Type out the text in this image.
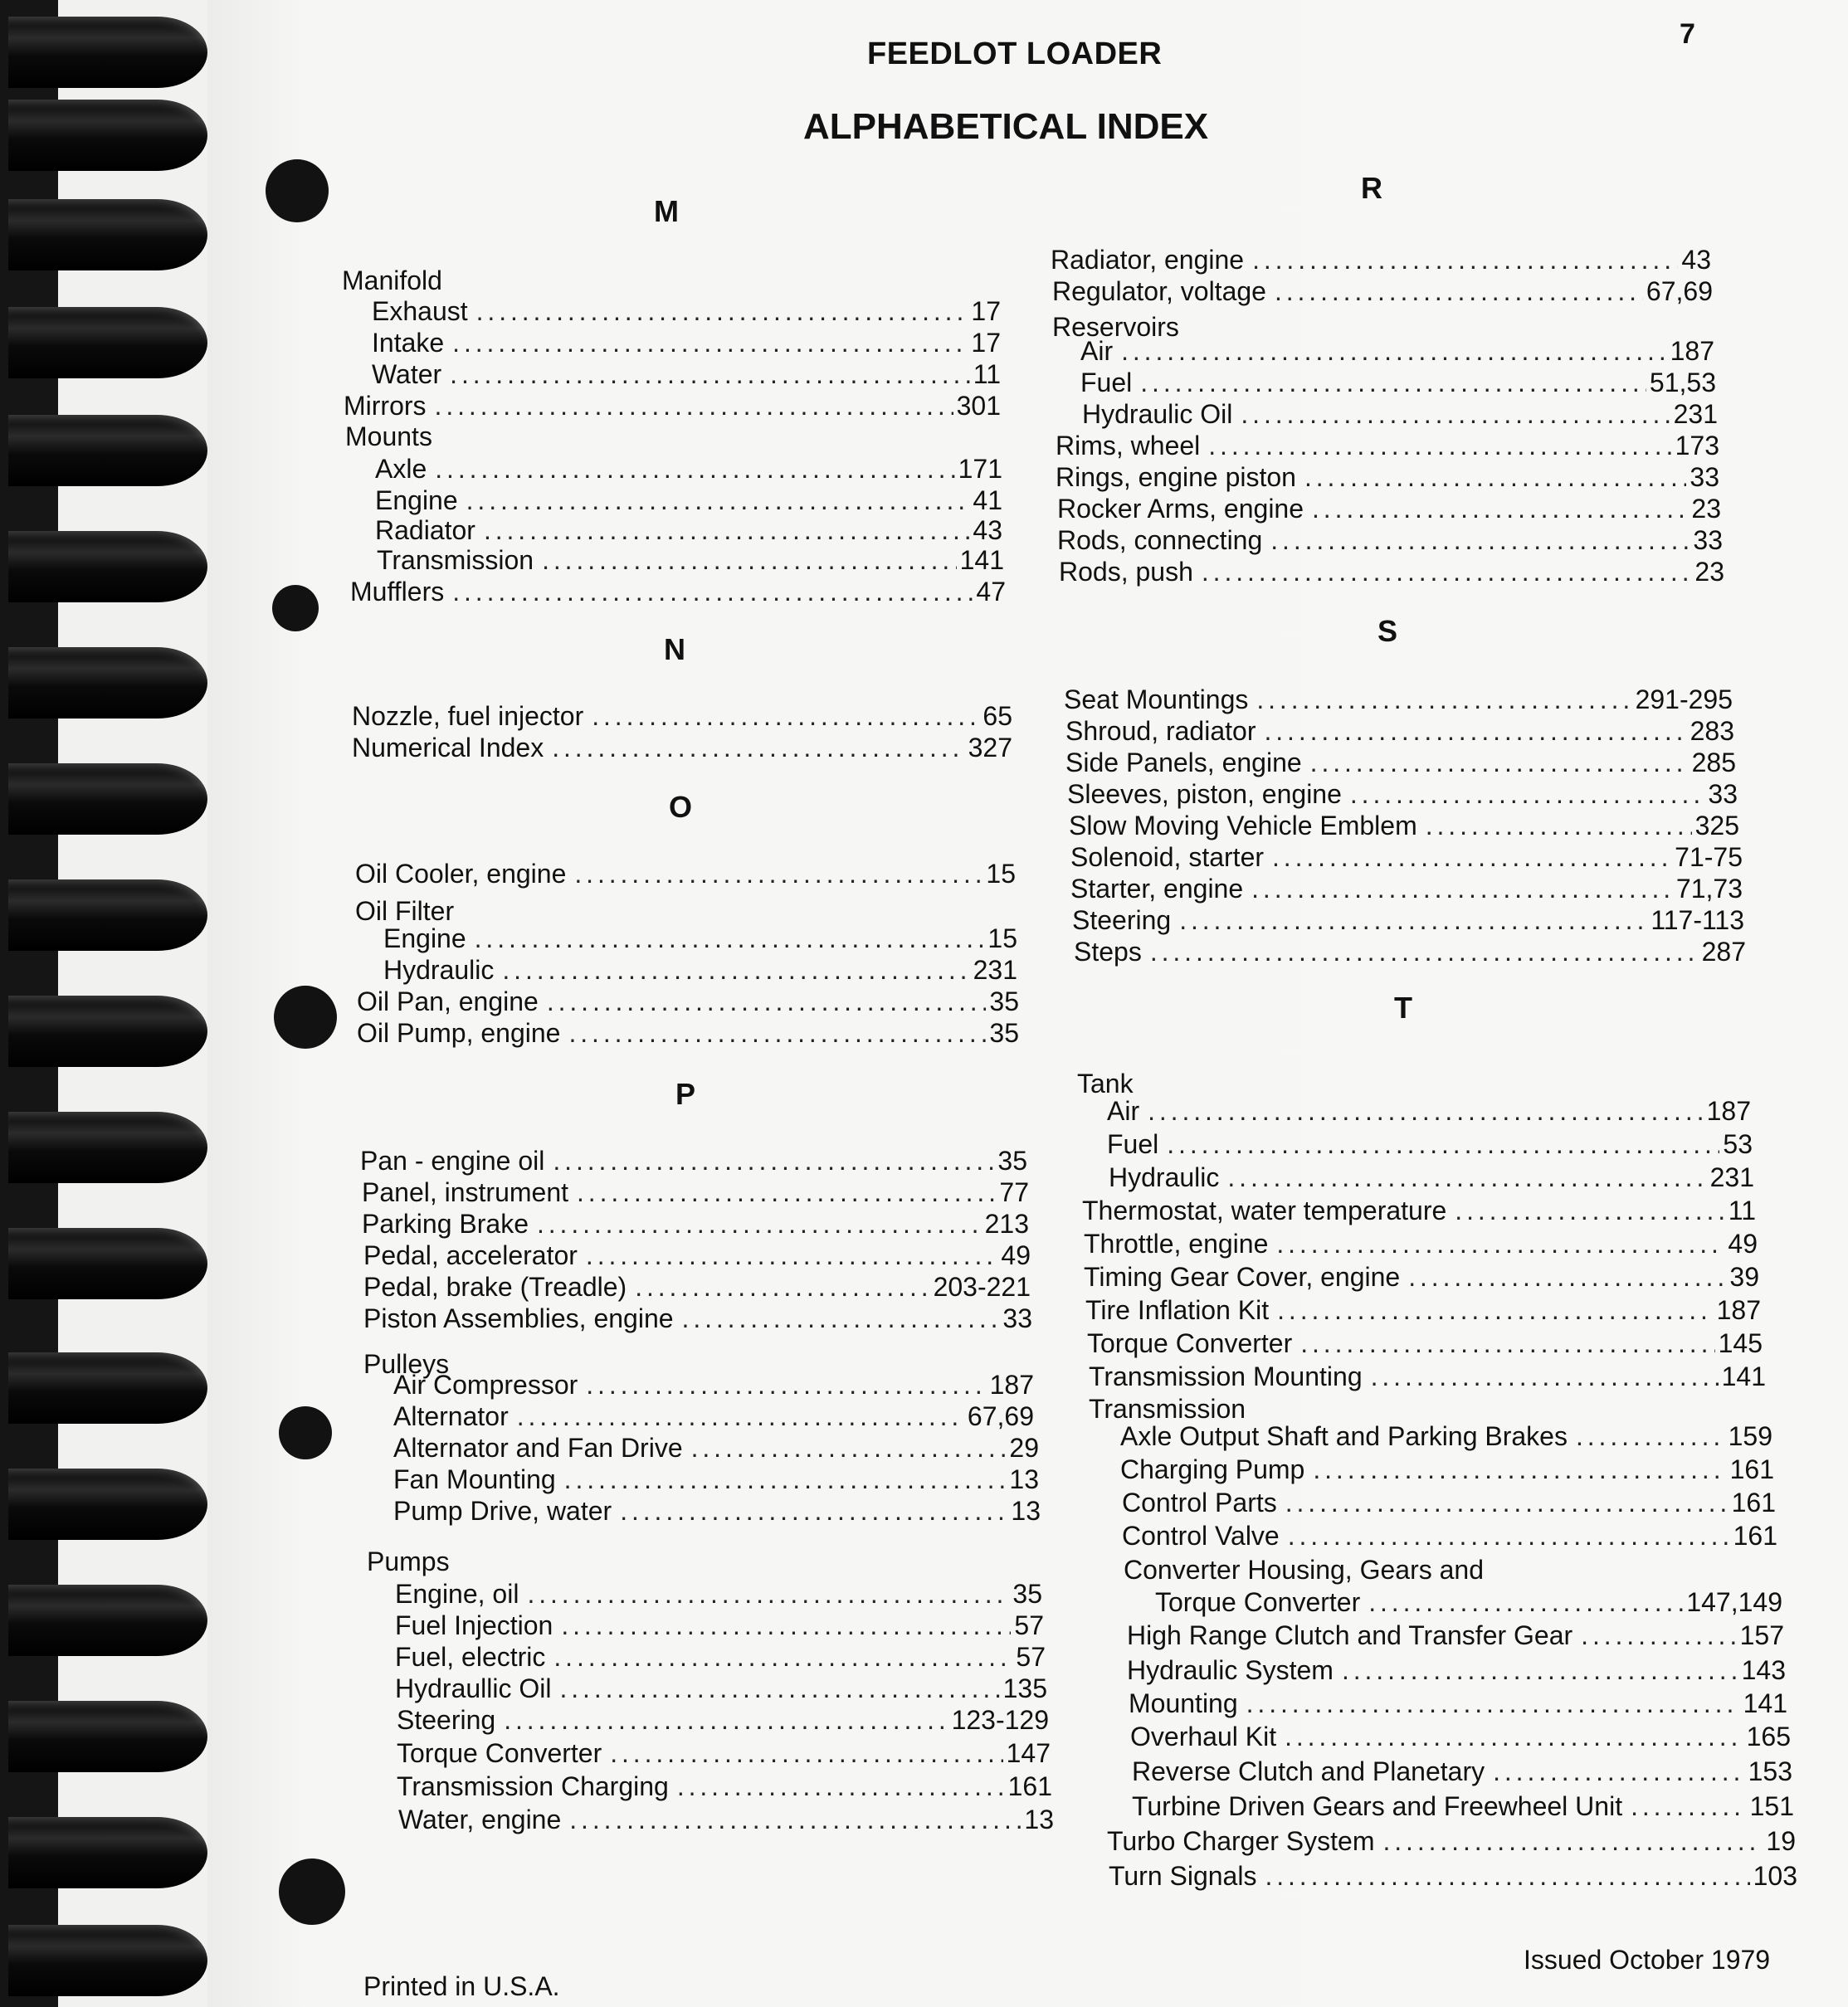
7
FEEDLOT LOADER
ALPHABETICAL INDEX
M
Manifold
Exhaust . . .	17
Intake . . .	17
Water . . .	11
Mirrors . . .	301
Mounts
Axle . . .	171
Engine . . .	41
Radiator . . .	43
Transmission . . .	141
Mufflers . . .	47
N
Nozzle, fuel injector . . .	65
Numerical Index . . .	327
O
Oil Cooler, engine . . .	15
Oil Filter
Engine . . .	15
Hydraulic . . .	231
Oil Pan, engine . . .	35
Oil Pump, engine . . .	35
P
Pan - engine oil . . .	35
Panel, instrument . . .	77
Parking Brake . . .	213
Pedal, accelerator . . .	49
Pedal, brake (Treadle) . . .	203-221
Piston Assemblies, engine . . .	33
Pulleys
Air Compressor . . .	187
Alternator . . .	67,69
Alternator and Fan Drive . . .	29
Fan Mounting . . .	13
Pump Drive, water . . .	13
Pumps
Engine, oil . . .	35
Fuel Injection . . .	57
Fuel, electric . . .	57
Hydraullic Oil . . .	135
Steering . . .	123-129
Torque Converter . . .	147
Transmission Charging . . .	161
Water, engine . . .	13
R
Radiator, engine . . .	43
Regulator, voltage . . .	67,69
Reservoirs
Air . . .	187
Fuel . . .	51,53
Hydraulic Oil . . .	231
Rims, wheel . . .	173
Rings, engine piston . . .	33
Rocker Arms, engine . . .	23
Rods, connecting . . .	33
Rods, push . . .	23
S
Seat Mountings . . .	291-295
Shroud, radiator . . .	283
Side Panels, engine . . .	285
Sleeves, piston, engine . . .	33
Slow Moving Vehicle Emblem . . .	325
Solenoid, starter . . .	71-75
Starter, engine . . .	71,73
Steering . . .	117-113
Steps . . .	287
T
Tank
Air . . .	187
Fuel . . .	53
Hydraulic . . .	231
Thermostat, water temperature . . .	11
Throttle, engine . . .	49
Timing Gear Cover, engine . . .	39
Tire Inflation Kit . . .	187
Torque Converter . . .	145
Transmission Mounting . . .	141
Transmission
Axle Output Shaft and Parking Brakes . . .	159
Charging Pump . . .	161
Control Parts . . .	161
Control Valve . . .	161
Converter Housing, Gears and
Torque Converter . . .	147,149
High Range Clutch and Transfer Gear . . .	157
Hydraulic System . . .	143
Mounting . . .	141
Overhaul Kit . . .	165
Reverse Clutch and Planetary . . .	153
Turbine Driven Gears and Freewheel Unit . . .	151
Turbo Charger System . . .	19
Turn Signals . . .	103
Printed in U.S.A.
Issued October 1979
